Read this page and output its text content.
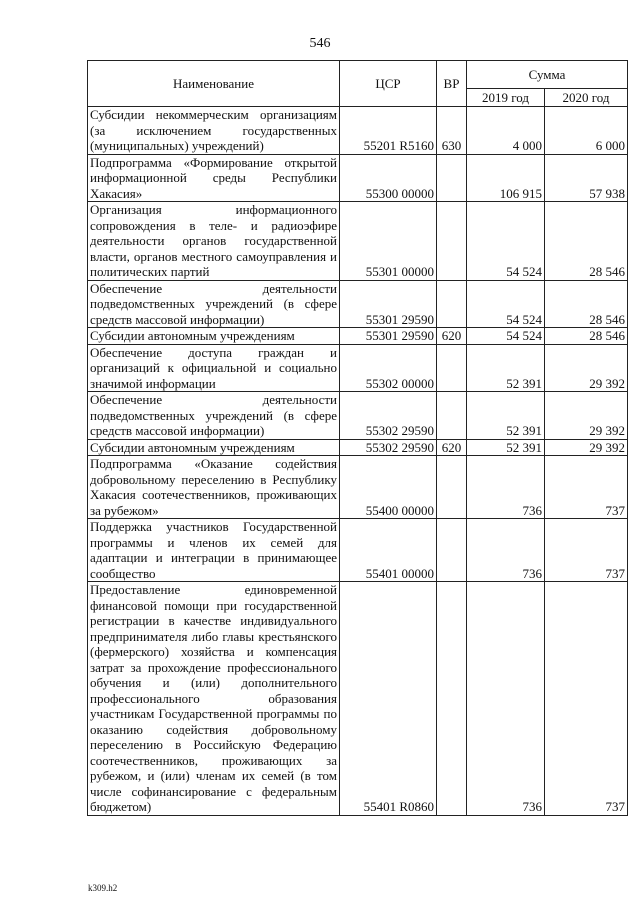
546
Наименование	ЦСР	ВР	Сумма	
			2019 год	2020 год
Субсидии некоммерческим организациям (за исключением государственных (муниципальных) учреждений)	55201 R5160	630	4 000	6 000
Подпрограмма «Формирование открытой информационной среды Республики Хакасия»	55300 00000		106 915	57 938
Организация информационного сопровождения в теле- и радиоэфире деятельности органов государственной власти, органов местного самоуправления и политических партий	55301 00000		54 524	28 546
Обеспечение деятельности подведомственных учреждений (в сфере средств массовой информации)	55301 29590		54 524	28 546
Субсидии автономным учреждениям	55301 29590	620	54 524	28 546
Обеспечение доступа граждан и организаций к официальной и социально значимой информации	55302 00000		52 391	29 392
Обеспечение деятельности подведомственных учреждений (в сфере средств массовой информации)	55302 29590		52 391	29 392
Субсидии автономным учреждениям	55302 29590	620	52 391	29 392
Подпрограмма «Оказание содействия добровольному переселению в Республику Хакасия соотечественников, проживающих за рубежом»	55400 00000		736	737
Поддержка участников Государственной программы и членов их семей для адаптации и интеграции в принимающее сообщество	55401 00000		736	737
Предоставление единовременной финансовой помощи при государственной регистрации в качестве индивидуального предпринимателя либо главы крестьянского (фермерского) хозяйства и компенсация затрат за прохождение профессионального обучения и (или) дополнительного профессионального образования участникам Государственной программы по оказанию содействия добровольному переселению в Российскую Федерацию соотечественников, проживающих за рубежом, и (или) членам их семей (в том числе софинансирование с федеральным бюджетом)	55401 R0860		736	737
k309.h2
